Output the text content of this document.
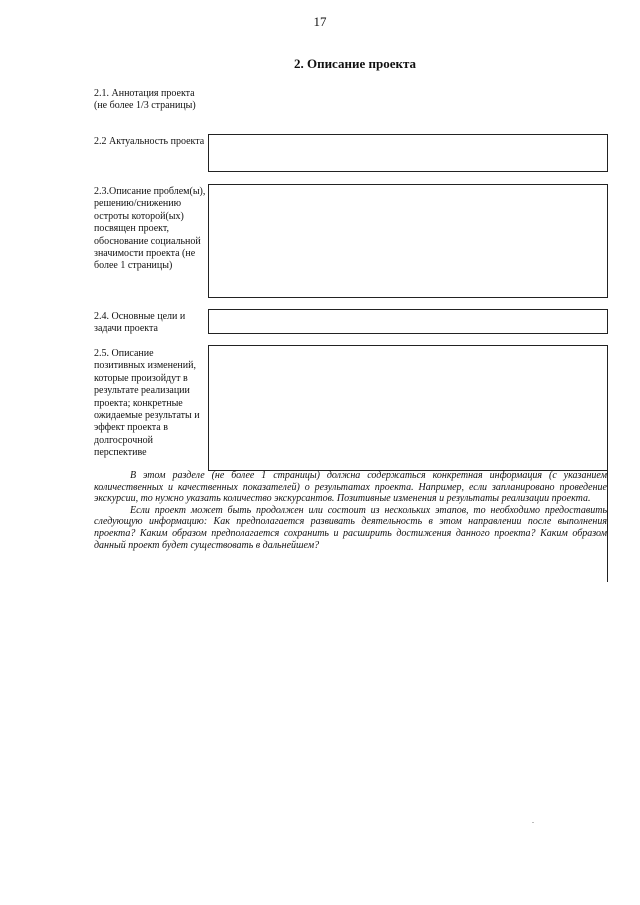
17
2. Описание проекта
2.1. Аннотация проекта (не более 1/3 страницы)
2.2 Актуальность проекта
2.3.Описание проблем(ы), решению/снижению остроты которой(ых) посвящен проект, обоснование социальной значимости проекта (не более 1 страницы)
2.4. Основные цели и задачи проекта
2.5. Описание позитивных изменений, которые произойдут в результате реализации проекта; конкретные ожидаемые результаты и эффект проекта в долгосрочной перспективе

В этом разделе (не более 1 страницы) должна содержаться конкретная информация (с указанием количественных и качественных показателей) о результатах проекта. Например, если запланировано проведение экскурсии, то нужно указать количество экскурсантов. Позитивные изменения и результаты реализации проекта.

Если проект может быть продолжен или состоит из нескольких этапов, то необходимо предоставить следующую информацию: Как предполагается развивать деятельность в этом направлении после выполнения проекта? Каким образом предполагается сохранить и расширить достижения данного проекта? Каким образом данный проект будет существовать в дальнейшем?
